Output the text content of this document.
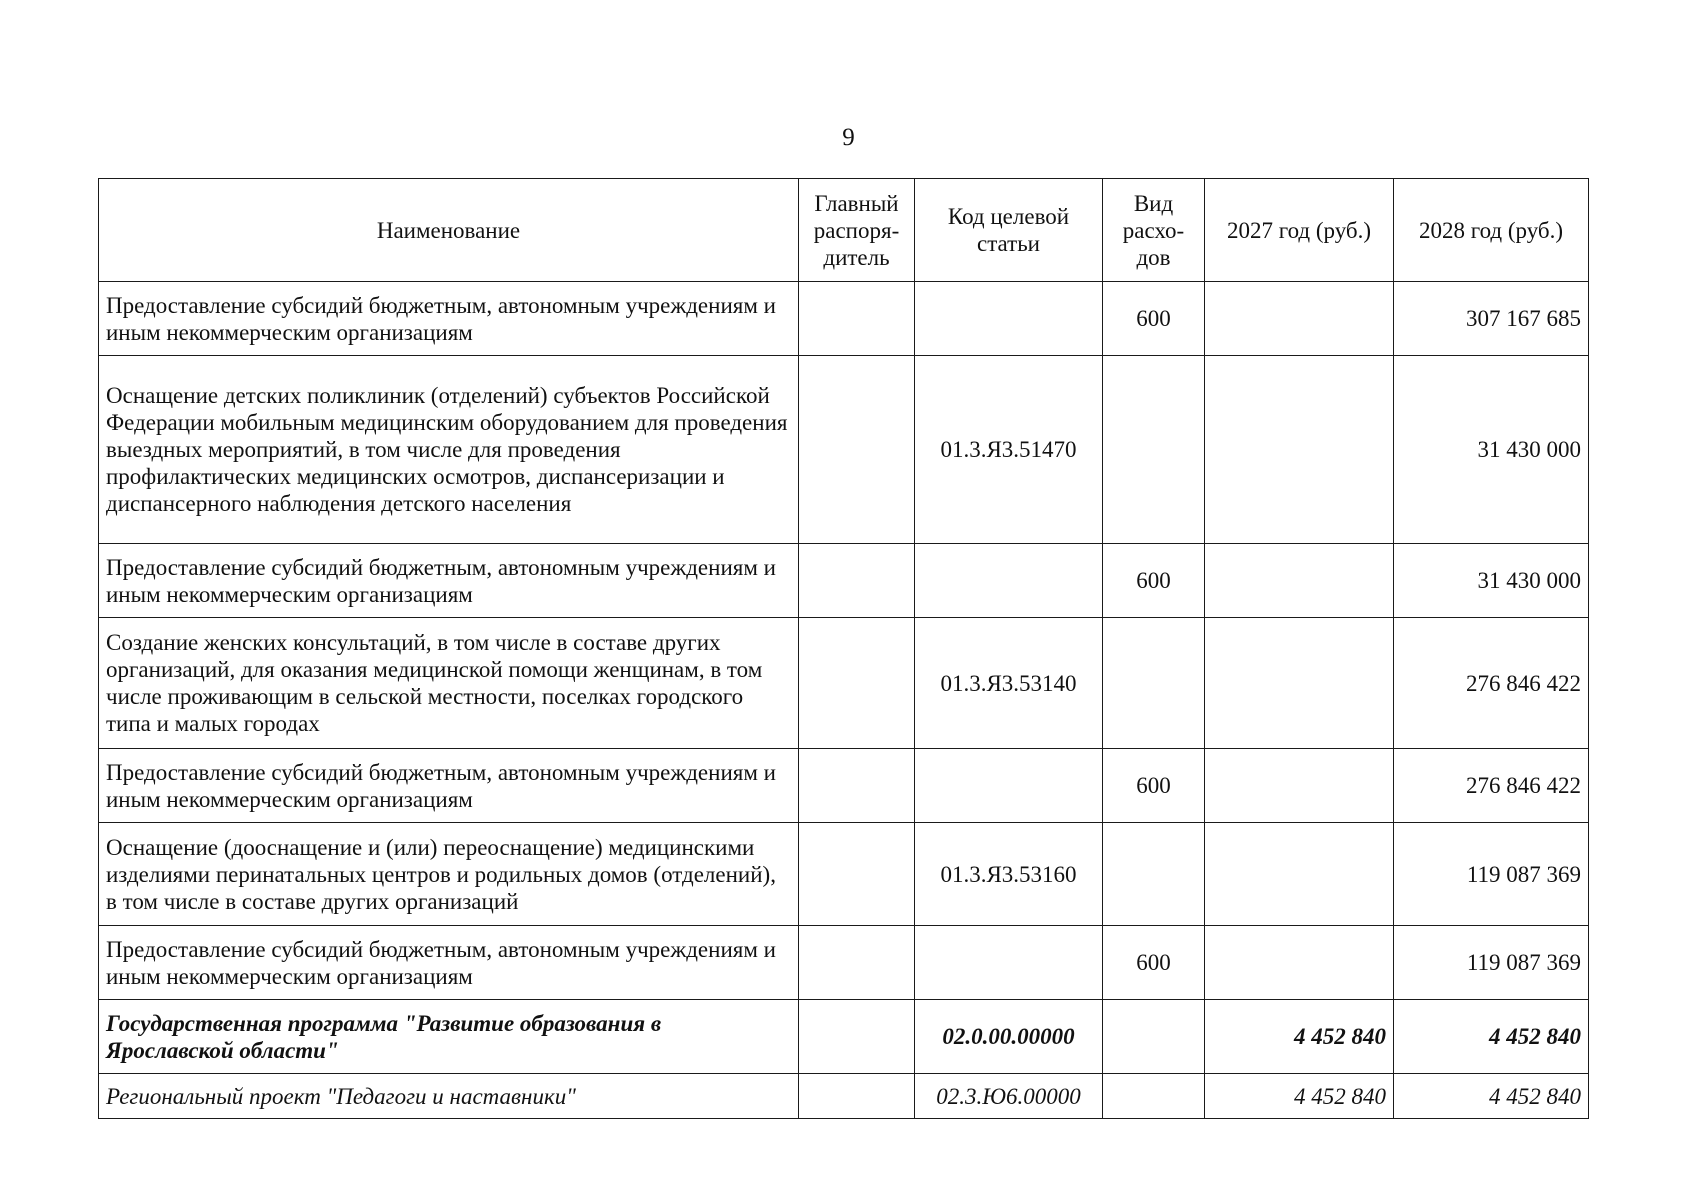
9
Наименование	Главный распоря-дитель	Код целевой статьи	Вид расхо-дов	2027 год (руб.)	2028 год (руб.)
Предоставление субсидий бюджетным, автономным учреждениям и иным некоммерческим организациям			600		307 167 685
Оснащение детских поликлиник (отделений) субъектов Российской Федерации мобильным медицинским оборудованием для проведения выездных мероприятий, в том числе для проведения профилактических медицинских осмотров, диспансеризации и диспансерного наблюдения детского населения		01.3.Я3.51470			31 430 000
Предоставление субсидий бюджетным, автономным учреждениям и иным некоммерческим организациям			600		31 430 000
Создание женских консультаций, в том числе в составе других организаций, для оказания медицинской помощи женщинам, в том числе проживающим в сельской местности, поселках городского типа и малых городах		01.3.Я3.53140			276 846 422
Предоставление субсидий бюджетным, автономным учреждениям и иным некоммерческим организациям			600		276 846 422
Оснащение (дооснащение и (или) переоснащение) медицинскими изделиями перинатальных центров и родильных домов (отделений), в том числе в составе других организаций		01.3.Я3.53160			119 087 369
Предоставление субсидий бюджетным, автономным учреждениям и иным некоммерческим организациям			600		119 087 369
Государственная программа "Развитие образования в Ярославской области"		02.0.00.00000		4 452 840	4 452 840
Региональный проект "Педагоги и наставники"		02.3.Ю6.00000		4 452 840	4 452 840
